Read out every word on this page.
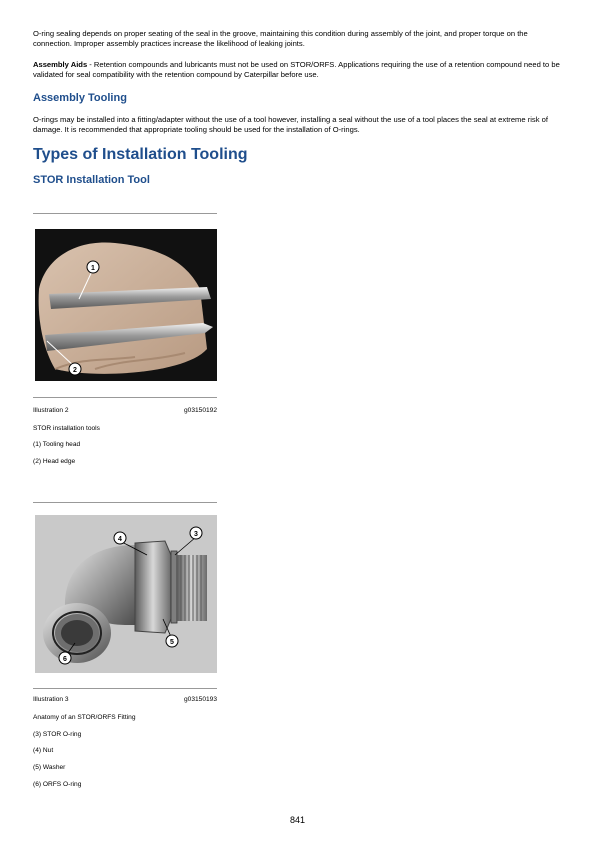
O-ring sealing depends on proper seating of the seal in the groove, maintaining this condition during assembly of the joint, and proper torque on the connection. Improper assembly practices increase the likelihood of leaking joints.

Assembly Aids - Retention compounds and lubricants must not be used on STOR/ORFS. Applications requiring the use of a retention compound need to be validated for seal compatibility with the retention compound by Caterpillar before use.

Assembly Tooling

O-rings may be installed into a fitting/adapter without the use of a tool however, installing a seal without the use of a tool places the seal at extreme risk of damage. It is recommended that appropriate tooling should be used for the installation of O-rings.

Types of Installation Tooling
STOR Installation Tool
1
2
Illustration 2	g03150192

STOR installation tools

(1) Tooling head

(2) Head edge

3
4
5
6
Illustration 3	g03150193

Anatomy of an STOR/ORFS Fitting

(3) STOR O-ring

(4) Nut

(5) Washer

(6) ORFS O-ring

841
